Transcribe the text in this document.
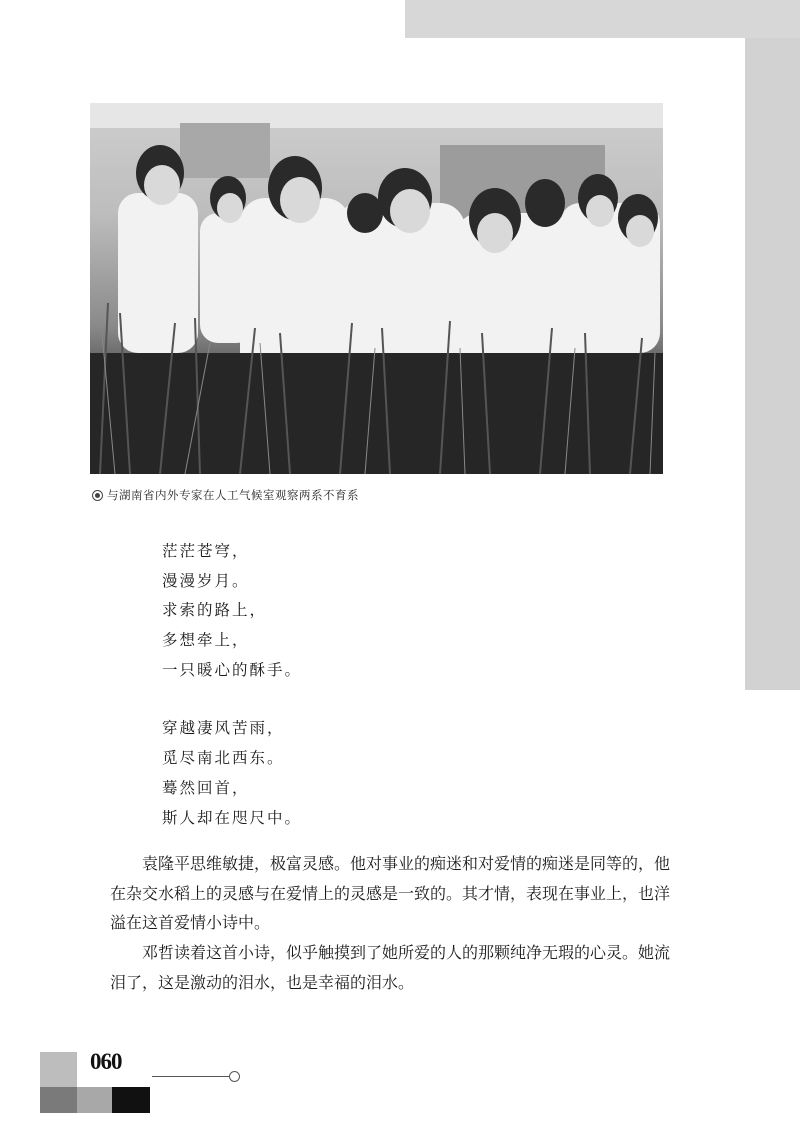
与湖南省内外专家在人工气候室观察两系不育系
茫茫苍穹，
漫漫岁月。
求索的路上，
多想牵上，
一只暖心的酥手。
穿越凄风苦雨，
觅尽南北西东。
蓦然回首，
斯人却在咫尺中。

袁隆平思维敏捷，极富灵感。他对事业的痴迷和对爱情的痴迷是同等的，他在杂交水稻上的灵感与在爱情上的灵感是一致的。其才情，表现在事业上，也洋溢在这首爱情小诗中。

邓哲读着这首小诗，似乎触摸到了她所爱的人的那颗纯净无瑕的心灵。她流泪了，这是激动的泪水，也是幸福的泪水。

060
